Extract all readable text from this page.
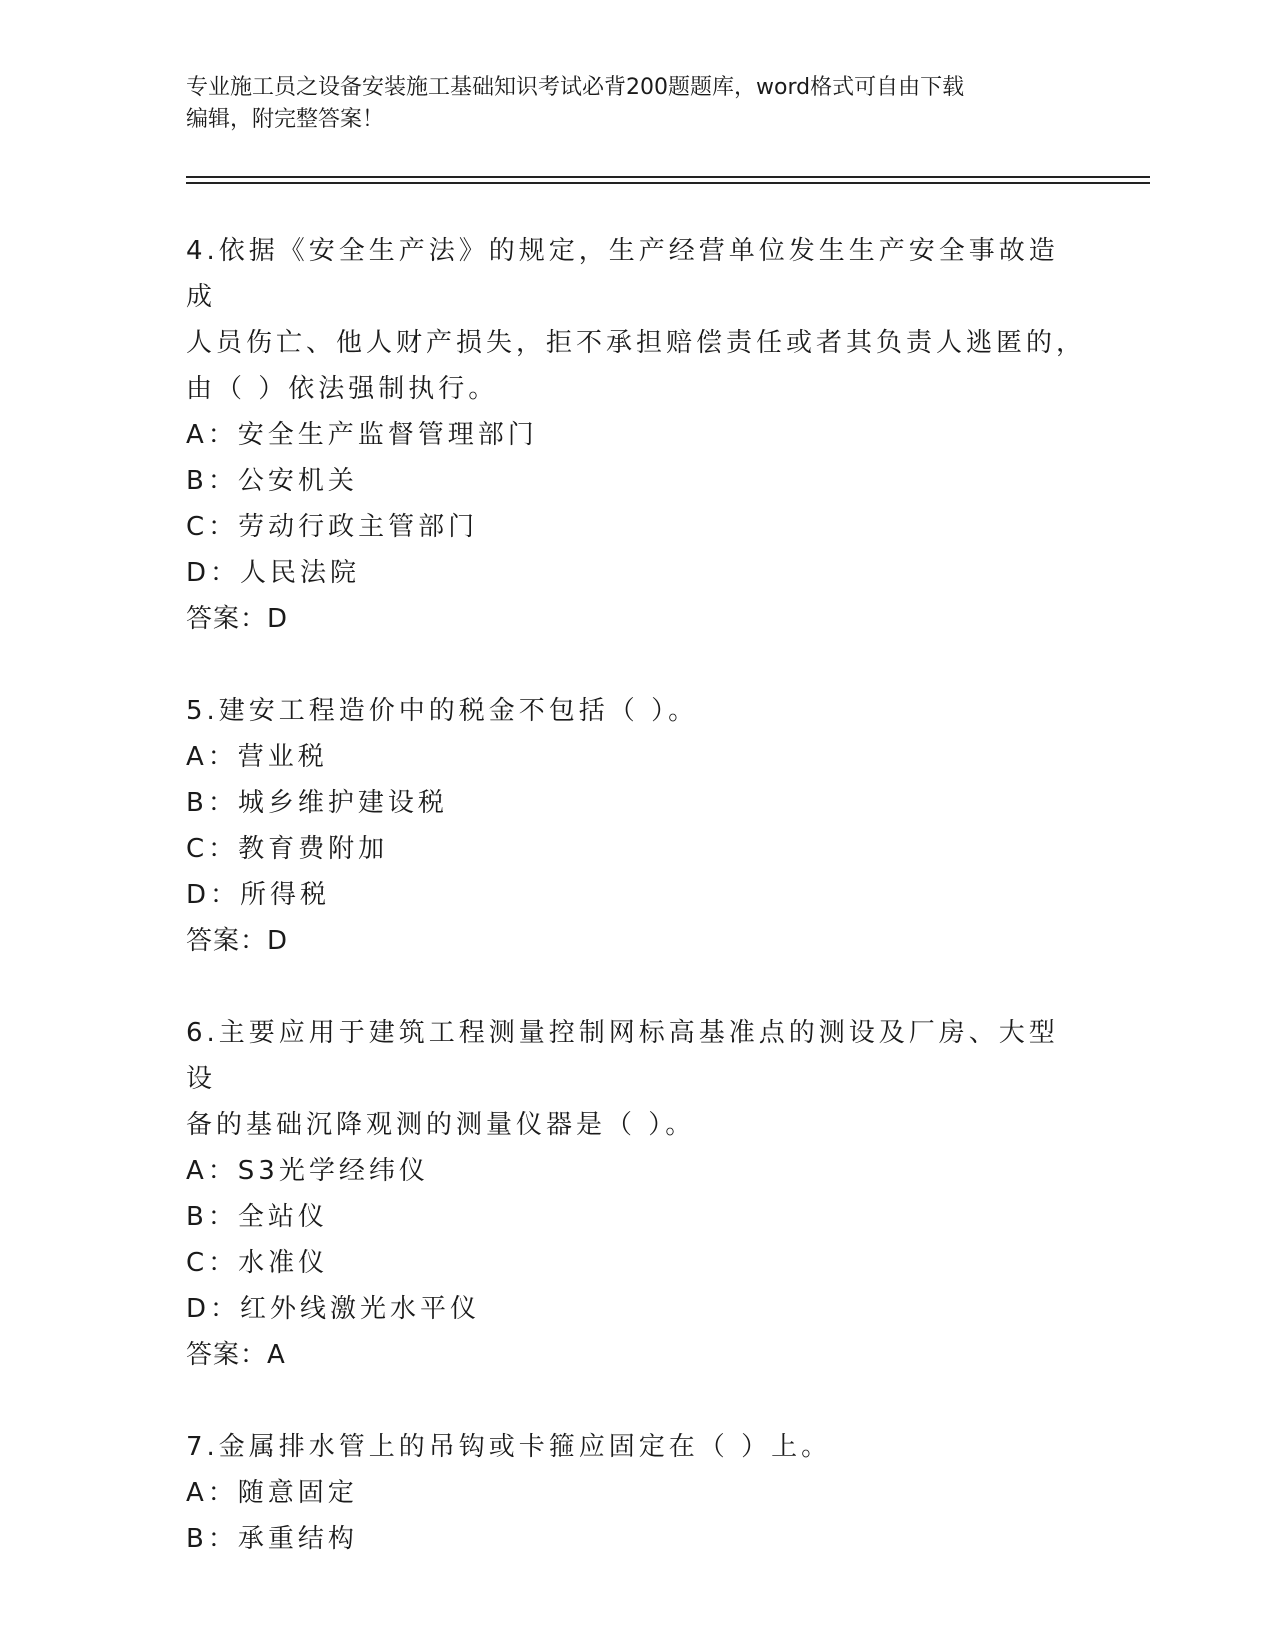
专业施工员之设备安装施工基础知识考试必背200题题库，word格式可自由下载

编辑，附完整答案！

4.依据《安全生产法》的规定，生产经营单位发生生产安全事故造成

人员伤亡、他人财产损失，拒不承担赔偿责任或者其负责人逃匿的，

由（ ）依法强制执行。

A：安全生产监督管理部门

B：公安机关

C：劳动行政主管部门

D：人民法院

答案：D

5.建安工程造价中的税金不包括（ ）。

A：营业税

B：城乡维护建设税

C：教育费附加

D：所得税

答案：D

6.主要应用于建筑工程测量控制网标高基准点的测设及厂房、大型设

备的基础沉降观测的测量仪器是（ ）。

A：S3光学经纬仪

B：全站仪

C：水准仪

D：红外线激光水平仪

答案：A

7.金属排水管上的吊钩或卡箍应固定在（ ）上。

A：随意固定

B：承重结构
